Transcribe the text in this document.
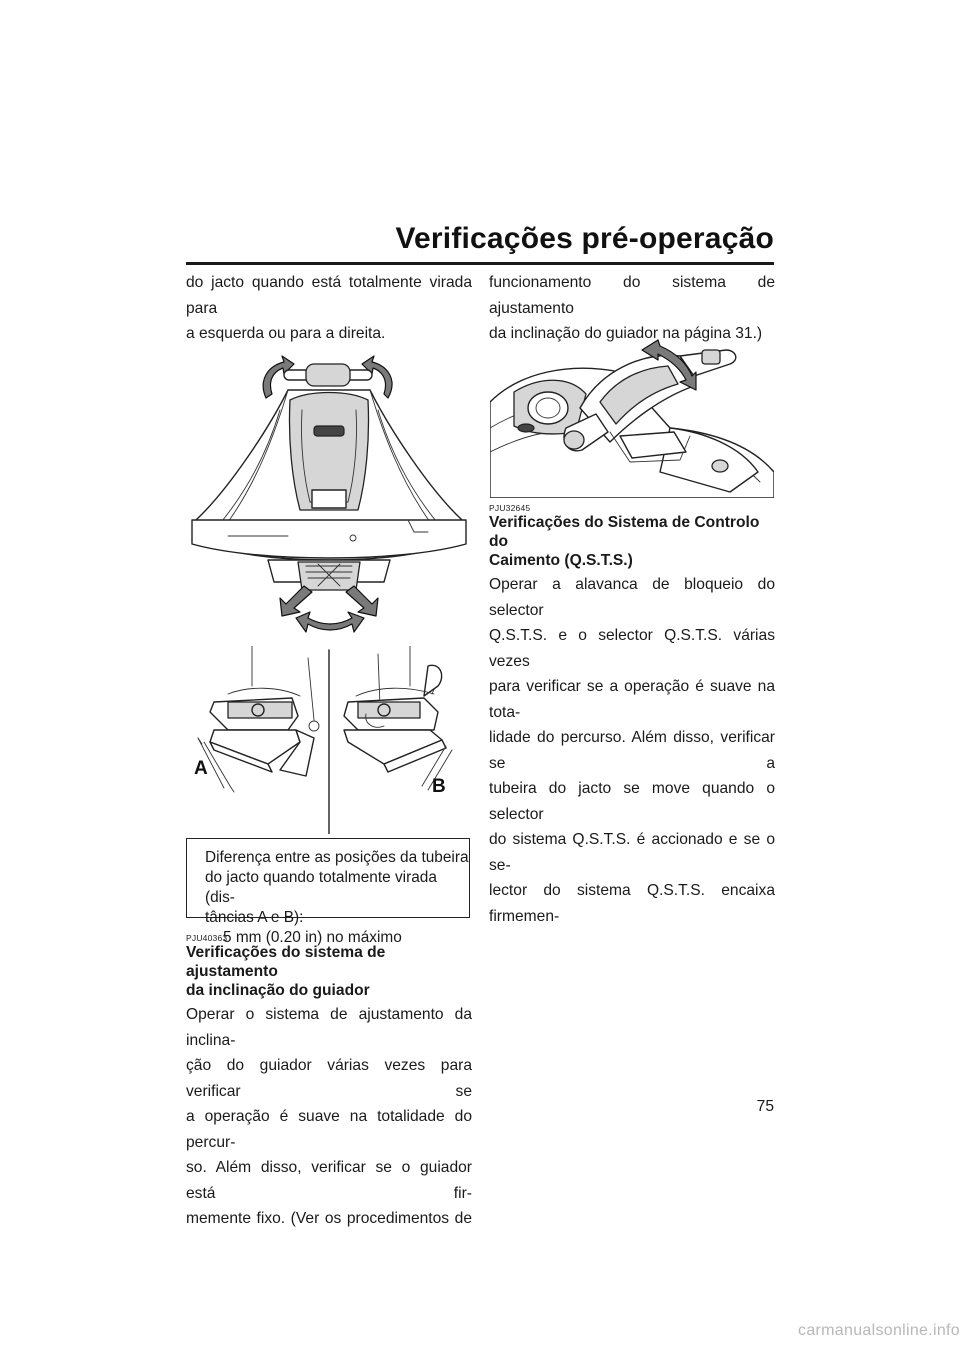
Verificações pré-operação
do jacto quando está totalmente virada para
a esquerda ou para a direita.
funcionamento do sistema de ajustamento
da inclinação do guiador na página 31.)
A
B
Diferença entre as posições da tubeira
do jacto quando totalmente virada (dis-
tâncias A e B):
5 mm (0.20 in) no máximo
PJU40363
Verificações do sistema de ajustamento
da inclinação do guiador
Operar o sistema de ajustamento da inclina-
ção do guiador várias vezes para verificar se
a operação é suave na totalidade do percur-
so. Além disso, verificar se o guiador está fir-
memente fixo. (Ver os procedimentos de
PJU32645
Verificações do Sistema de Controlo do
Caimento (Q.S.T.S.)
Operar a alavanca de bloqueio do selector
Q.S.T.S. e o selector Q.S.T.S. várias vezes
para verificar se a operação é suave na tota-
lidade do percurso. Além disso, verificar se a
tubeira do jacto se move quando o selector
do sistema Q.S.T.S. é accionado e se o se-
lector do sistema Q.S.T.S. encaixa firmemen-
75
carmanualsonline.info
